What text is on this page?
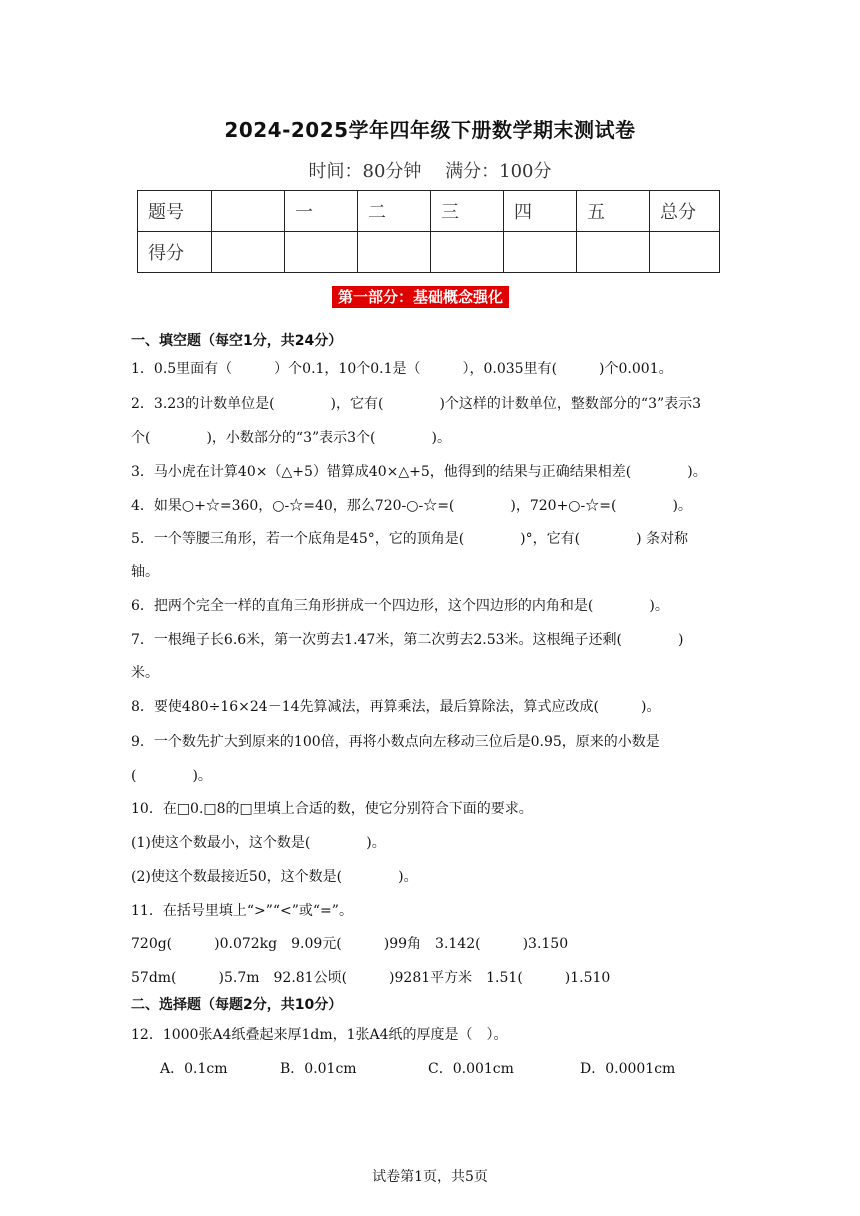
2024-2025学年四年级下册数学期末测试卷
时间：80分钟 满分：100分
题号		一	二	三	四	五	总分
得分							
第一部分：基础概念强化
一、填空题（每空1分，共24分）
1．0.5里面有（　　　）个0.1，10个0.1是（　　　），0.035里有(　　　)个0.001。
2．3.23的计数单位是(　　　　)，它有(　　　　)个这样的计数单位，整数部分的“3”表示3
个(　　　　)，小数部分的“3”表示3个(　　　　)。
3．马小虎在计算40×（△+5）错算成40×△+5，他得到的结果与正确结果相差(　　　　)。
4．如果○+☆=360，○-☆=40，那么720-○-☆=(　　　　)，720+○-☆=(　　　　)。
5．一个等腰三角形，若一个底角是45°，它的顶角是(　　　　)°，它有(　　　　) 条对称
轴。
6．把两个完全一样的直角三角形拼成一个四边形，这个四边形的内角和是(　　　　)。
7．一根绳子长6.6米，第一次剪去1.47米，第二次剪去2.53米。这根绳子还剩(　　　　)
米。
8．要使480÷16×24－14先算减法，再算乘法，最后算除法，算式应改成(　　　)。
9．一个数先扩大到原来的100倍，再将小数点向左移动三位后是0.95，原来的小数是
(　　　　)。
10．在□0.□8的□里填上合适的数，使它分别符合下面的要求。
(1)使这个数最小，这个数是(　　　　)。
(2)使这个数最接近50，这个数是(　　　　)。
11．在括号里填上“>”“<”或“=”。
720g(　　　)0.072kg　9.09元(　　　)99角　3.142(　　　)3.150
57dm(　　　)5.7m　92.81公顷(　　　)9281平方米　1.51(　　　)1.510
二、选择题（每题2分，共10分）
12．1000张A4纸叠起来厚1dm，1张A4纸的厚度是（　）。
A．0.1cm	B．0.01cm	C．0.001cm	D．0.0001cm
试卷第1页，共5页
